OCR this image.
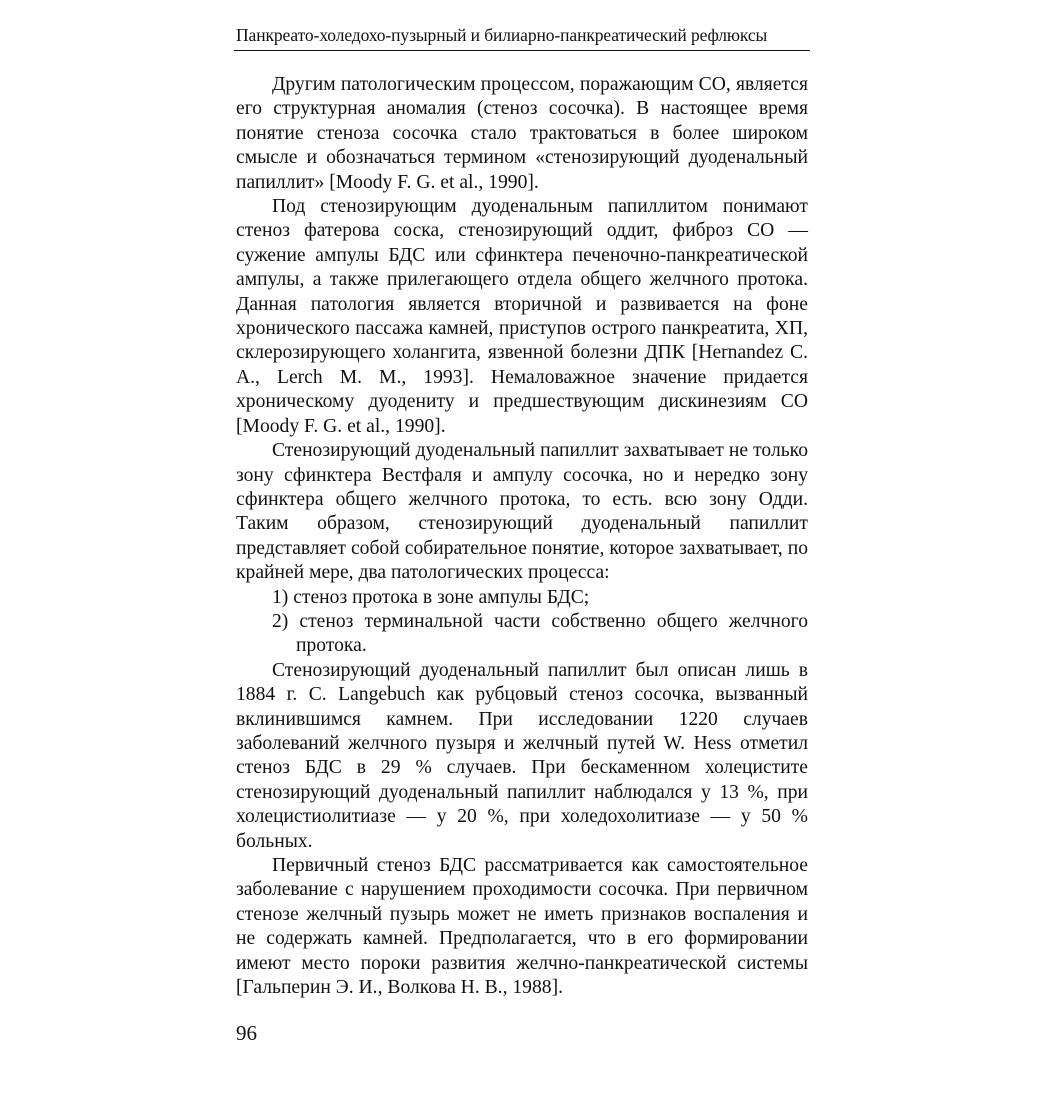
Панкреато-холедохо-пузырный и билиарно-панкреатический рефлюксы

Другим патологическим процессом, поражающим СО, является его структурная аномалия (стеноз сосочка). В настоящее время понятие стеноза сосочка стало трактоваться в более широком смысле и обозначаться термином «стенозирующий дуоденальный папиллит» [Moody F. G. et al., 1990].

Под стенозирующим дуоденальным папиллитом понимают стеноз фатерова соска, стенозирующий оддит, фиброз СО — сужение ампулы БДС или сфинктера печеночно-панкреатической ампулы, а также прилегающего отдела общего желчного протока. Данная патология является вторичной и развивается на фоне хронического пассажа камней, приступов острого панкреатита, ХП, склерозирующего холангита, язвенной болезни ДПК [Hernandez C. A., Lerch M. M., 1993]. Немаловажное значение придается хроническому дуодениту и предшествующим дискинезиям СО [Moody F. G. et al., 1990].

Стенозирующий дуоденальный папиллит захватывает не только зону сфинктера Вестфаля и ампулу сосочка, но и нередко зону сфинктера общего желчного протока, то есть. всю зону Одди. Таким образом, стенозирующий дуоденальный папиллит представляет собой собирательное понятие, которое захватывает, по крайней мере, два патологических процесса:

1) стеноз протока в зоне ампулы БДС;

2) стеноз терминальной части собственно общего желчного протока.

Стенозирующий дуоденальный папиллит был описан лишь в 1884 г. C. Langebuch как рубцовый стеноз сосочка, вызванный вклинившимся камнем. При исследовании 1220 случаев заболеваний желчного пузыря и желчный путей W. Hess отметил стеноз БДС в 29 % случаев. При бескаменном холецистите стенозирующий дуоденальный папиллит наблюдался у 13 %, при холецистиолитиазе — у 20 %, при холедохолитиазе — у 50 % больных.

Первичный стеноз БДС рассматривается как самостоятельное заболевание с нарушением проходимости сосочка. При первичном стенозе желчный пузырь может не иметь признаков воспаления и не содержать камней. Предполагается, что в его формировании имеют место пороки развития желчно-панкреатической системы [Гальперин Э. И., Волкова Н. В., 1988].

96
